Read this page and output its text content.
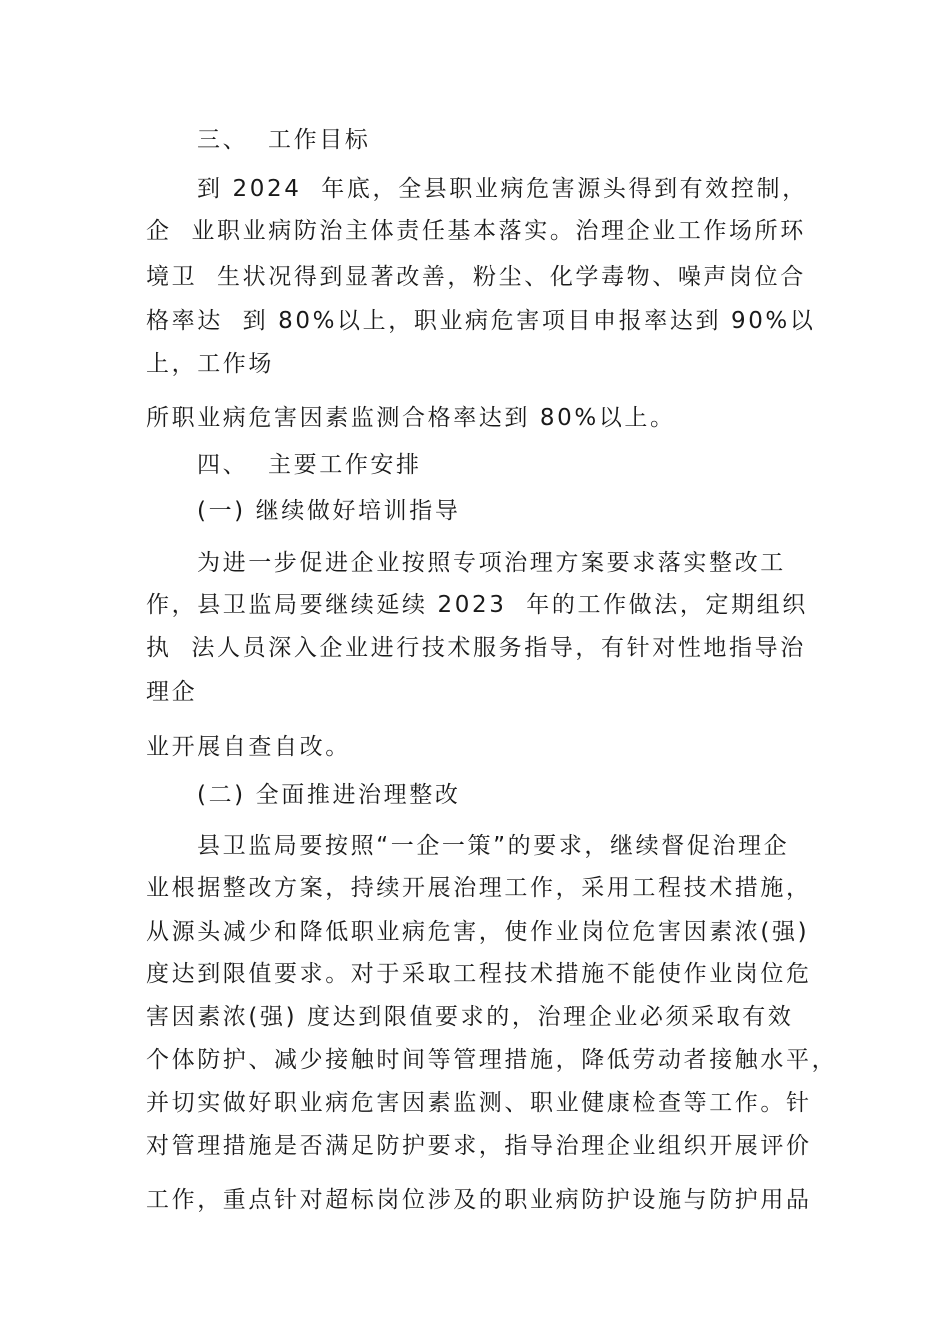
三、  工作目标
到 2024  年底，全县职业病危害源头得到有效控制，
企  业职业病防治主体责任基本落实。治理企业工作场所环
境卫  生状况得到显著改善，粉尘、化学毒物、噪声岗位合
格率达  到 80%以上，职业病危害项目申报率达到 90%以
上，工作场
所职业病危害因素监测合格率达到 80%以上。
四、  主要工作安排
(一) 继续做好培训指导
为进一步促进企业按照专项治理方案要求落实整改工
作，县卫监局要继续延续 2023  年的工作做法，定期组织
执  法人员深入企业进行技术服务指导，有针对性地指导治
理企
业开展自查自改。
(二) 全面推进治理整改
县卫监局要按照“一企一策”的要求，继续督促治理企
业根据整改方案，持续开展治理工作，采用工程技术措施，
从源头减少和降低职业病危害，使作业岗位危害因素浓(强)
度达到限值要求。对于采取工程技术措施不能使作业岗位危
害因素浓(强) 度达到限值要求的，治理企业必须采取有效
个体防护、减少接触时间等管理措施，降低劳动者接触水平，
并切实做好职业病危害因素监测、职业健康检查等工作。针
对管理措施是否满足防护要求，指导治理企业组织开展评价
工作，重点针对超标岗位涉及的职业病防护设施与防护用品
